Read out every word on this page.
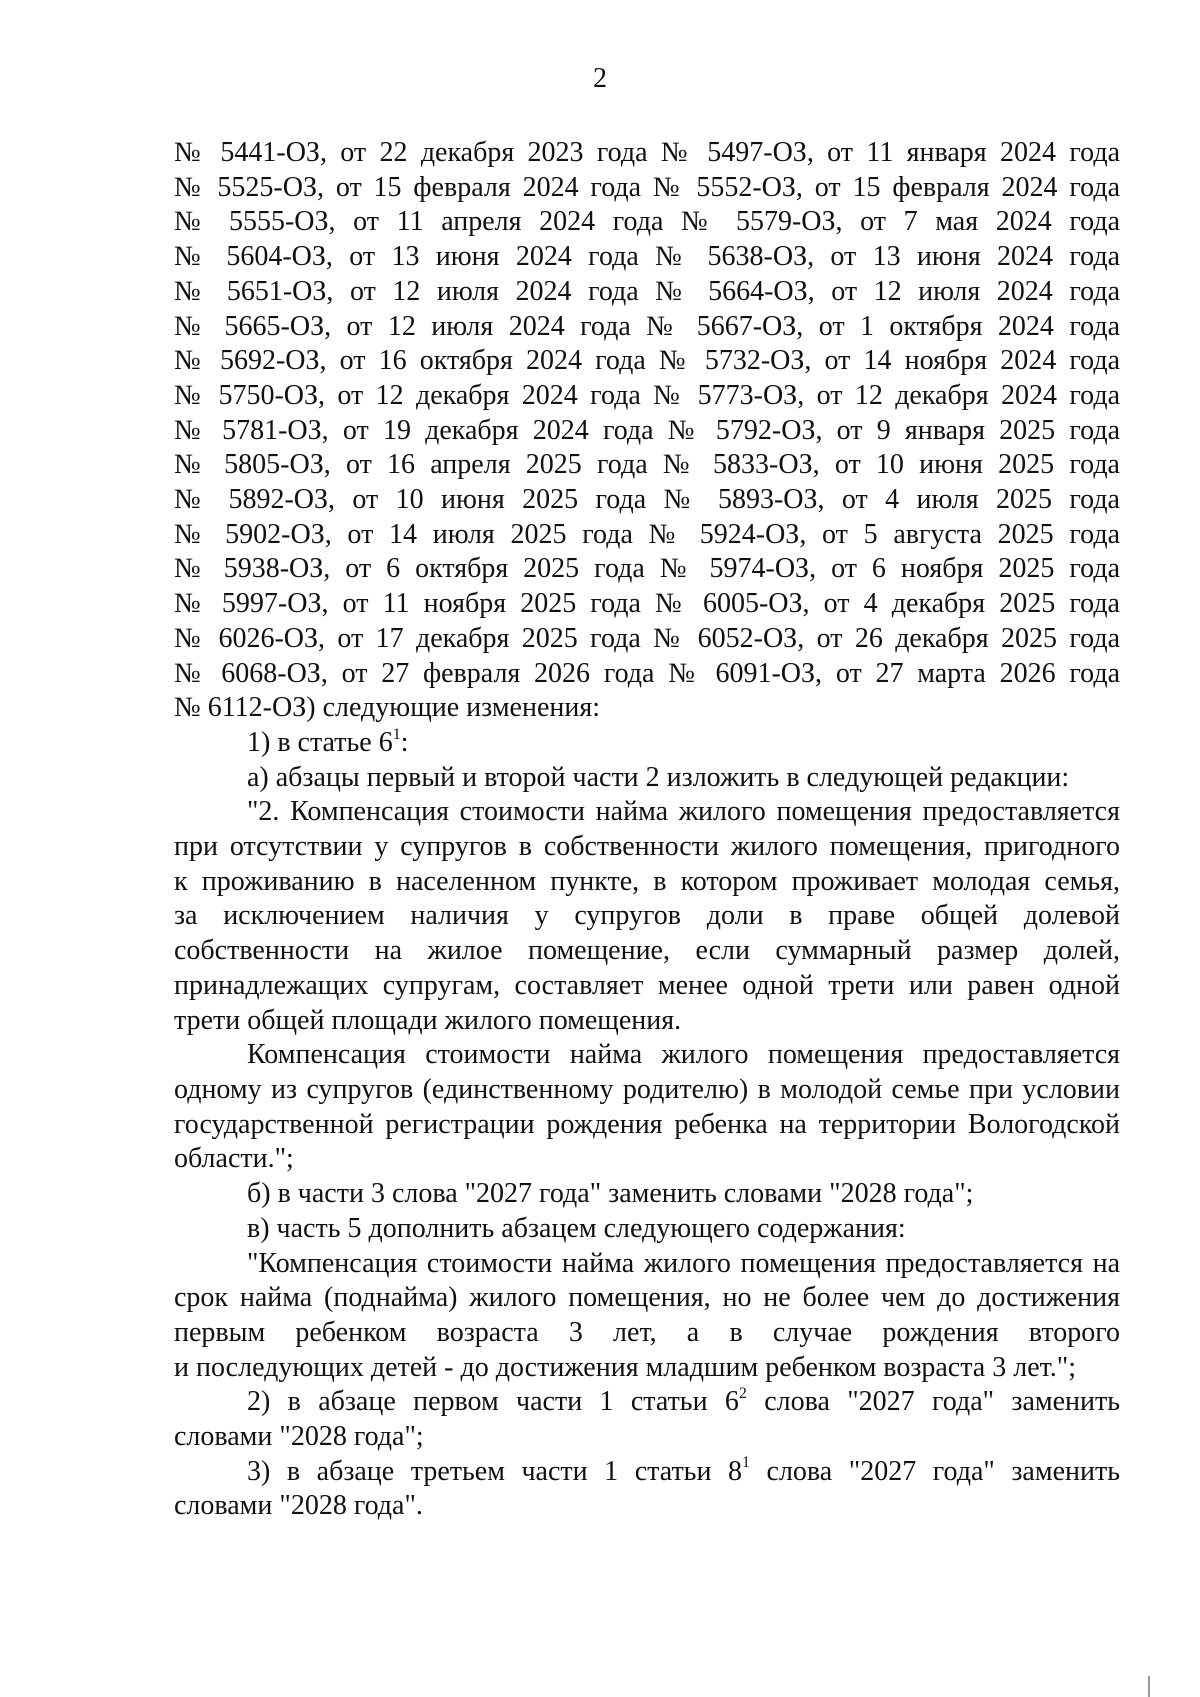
2
№ 5441-ОЗ, от 22 декабря 2023 года № 5497-ОЗ, от 11 января 2024 года
№ 5525-ОЗ, от 15 февраля 2024 года № 5552-ОЗ, от 15 февраля 2024 года
№ 5555-ОЗ, от 11 апреля 2024 года № 5579-ОЗ, от 7 мая 2024 года
№ 5604-ОЗ, от 13 июня 2024 года № 5638-ОЗ, от 13 июня 2024 года
№ 5651-ОЗ, от 12 июля 2024 года № 5664-ОЗ, от 12 июля 2024 года
№ 5665-ОЗ, от 12 июля 2024 года № 5667-ОЗ, от 1 октября 2024 года
№ 5692-ОЗ, от 16 октября 2024 года № 5732-ОЗ, от 14 ноября 2024 года
№ 5750-ОЗ, от 12 декабря 2024 года № 5773-ОЗ, от 12 декабря 2024 года
№ 5781-ОЗ, от 19 декабря 2024 года № 5792-ОЗ, от 9 января 2025 года
№ 5805-ОЗ, от 16 апреля 2025 года № 5833-ОЗ, от 10 июня 2025 года
№ 5892-ОЗ, от 10 июня 2025 года № 5893-ОЗ, от 4 июля 2025 года
№ 5902-ОЗ, от 14 июля 2025 года № 5924-ОЗ, от 5 августа 2025 года
№ 5938-ОЗ, от 6 октября 2025 года № 5974-ОЗ, от 6 ноября 2025 года
№ 5997-ОЗ, от 11 ноября 2025 года № 6005-ОЗ, от 4 декабря 2025 года
№ 6026-ОЗ, от 17 декабря 2025 года № 6052-ОЗ, от 26 декабря 2025 года
№ 6068-ОЗ, от 27 февраля 2026 года № 6091-ОЗ, от 27 марта 2026 года
№ 6112-ОЗ) следующие изменения:
1) в статье $6^1$:
а) абзацы первый и второй части 2 изложить в следующей редакции:
"2. Компенсация стоимости найма жилого помещения предоставляется
при отсутствии у супругов в собственности жилого помещения, пригодного
к проживанию в населенном пункте, в котором проживает молодая семья,
за исключением наличия у супругов доли в праве общей долевой
собственности на жилое помещение, если суммарный размер долей,
принадлежащих супругам, составляет менее одной трети или равен одной
трети общей площади жилого помещения.
Компенсация стоимости найма жилого помещения предоставляется
одному из супругов (единственному родителю) в молодой семье при условии
государственной регистрации рождения ребенка на территории Вологодской
области.";
б) в части 3 слова "2027 года" заменить словами "2028 года";
в) часть 5 дополнить абзацем следующего содержания:
"Компенсация стоимости найма жилого помещения предоставляется на
срок найма (поднайма) жилого помещения, но не более чем до достижения
первым ребенком возраста 3 лет, а в случае рождения второго
и последующих детей - до достижения младшим ребенком возраста 3 лет.";
2) в абзаце первом части 1 статьи $6^2$ слова "2027 года" заменить
словами "2028 года";
3) в абзаце третьем части 1 статьи $8^1$ слова "2027 года" заменить
словами "2028 года".
